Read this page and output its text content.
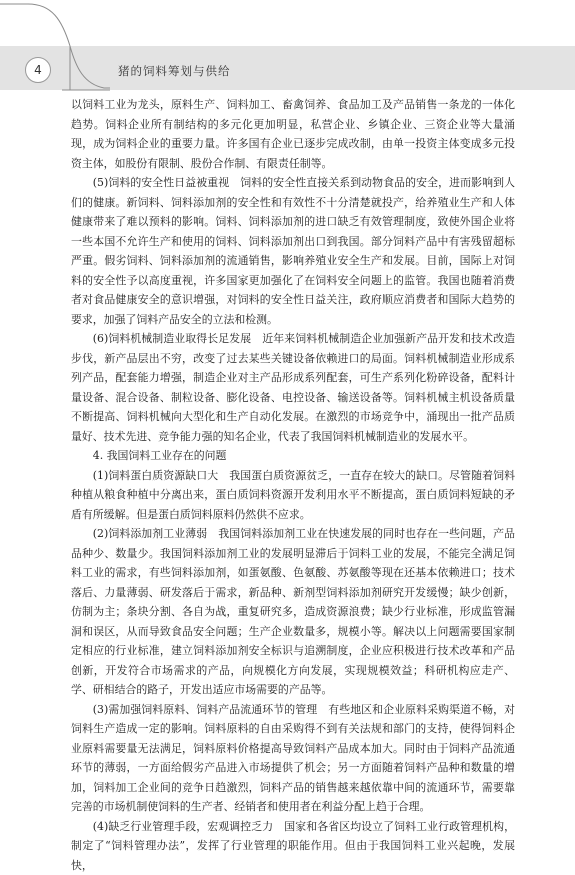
4	猪的饲料筹划与供给

以饲料工业为龙头，原料生产、饲料加工、畜禽饲养、食品加工及产品销售一条龙的一体化趋势。饲料企业所有制结构的多元化更加明显，私营企业、乡镇企业、三资企业等大量涌现，成为饲料企业的重要力量。许多国有企业已逐步完成改制，由单一投资主体变成多元投资主体，如股份有限制、股份合作制、有限责任制等。

(5)饲料的安全性日益被重视　饲料的安全性直接关系到动物食品的安全，进而影响到人们的健康。新饲料、饲料添加剂的安全性和有效性不十分清楚就投产，给养殖业生产和人体健康带来了难以预料的影响。饲料、饲料添加剂的进口缺乏有效管理制度，致使外国企业将一些本国不允许生产和使用的饲料、饲料添加剂出口到我国。部分饲料产品中有害残留超标严重。假劣饲料、饲料添加剂的流通销售，影响养殖业安全生产和发展。目前，国际上对饲料的安全性予以高度重视，许多国家更加强化了在饲料安全问题上的监管。我国也随着消费者对食品健康安全的意识增强，对饲料的安全性日益关注，政府顺应消费者和国际大趋势的要求，加强了饲料产品安全的立法和检测。

(6)饲料机械制造业取得长足发展　近年来饲料机械制造企业加强新产品开发和技术改造步伐，新产品层出不穷，改变了过去某些关键设备依赖进口的局面。饲料机械制造业形成系列产品，配套能力增强，制造企业对主产品形成系列配套，可生产系列化粉碎设备，配料计量设备、混合设备、制粒设备、膨化设备、电控设备、输送设备等。饲料机械主机设备质量不断提高、饲料机械向大型化和生产自动化发展。在激烈的市场竞争中，涌现出一批产品质量好、技术先进、竞争能力强的知名企业，代表了我国饲料机械制造业的发展水平。

4. 我国饲料工业存在的问题

(1)饲料蛋白质资源缺口大　我国蛋白质资源贫乏，一直存在较大的缺口。尽管随着饲料种植从粮食种植中分离出来，蛋白质饲料资源开发利用水平不断提高，蛋白质饲料短缺的矛盾有所缓解。但是蛋白质饲料原料仍然供不应求。

(2)饲料添加剂工业薄弱　我国饲料添加剂工业在快速发展的同时也存在一些问题，产品品种少、数量少。我国饲料添加剂工业的发展明显滞后于饲料工业的发展，不能完全满足饲料工业的需求，有些饲料添加剂，如蛋氨酸、色氨酸、苏氨酸等现在还基本依赖进口；技术落后、力量薄弱、研发落后于需求，新品种、新剂型饲料添加剂研究开发缓慢；缺少创新，仿制为主；条块分割、各自为战，重复研究多，造成资源浪费；缺少行业标准，形成监管漏洞和误区，从而导致食品安全问题；生产企业数量多，规模小等。解决以上问题需要国家制定相应的行业标准，建立饲料添加剂安全标识与追溯制度，企业应积极进行技术改革和产品创新，开发符合市场需求的产品，向规模化方向发展，实现规模效益；科研机构应走产、学、研相结合的路子，开发出适应市场需要的产品等。

(3)需加强饲料原料、饲料产品流通环节的管理　有些地区和企业原料采购渠道不畅，对饲料生产造成一定的影响。饲料原料的自由采购得不到有关法规和部门的支持，使得饲料企业原料需要量无法满足，饲料原料价格提高导致饲料产品成本加大。同时由于饲料产品流通环节的薄弱，一方面给假劣产品进入市场提供了机会；另一方面随着饲料产品种和数量的增加，饲料加工企业间的竞争日趋激烈，饲料产品的销售越来越依靠中间的流通环节，需要靠完善的市场机制使饲料的生产者、经销者和使用者在利益分配上趋于合理。

(4)缺乏行业管理手段，宏观调控乏力　国家和各省区均设立了饲料工业行政管理机构，制定了“饲料管理办法”，发挥了行业管理的职能作用。但由于我国饲料工业兴起晚，发展快，
